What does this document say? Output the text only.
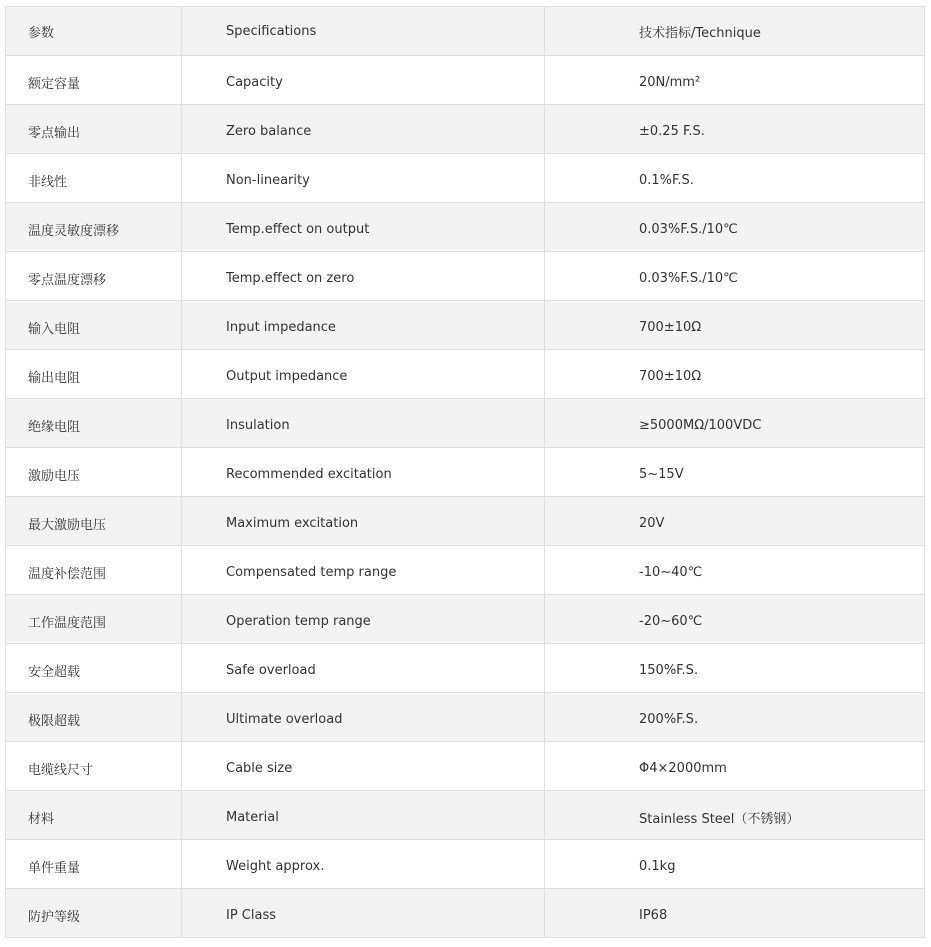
参数	Specifications	技术指标/Technique
额定容量	Capacity	20N/mm²
零点输出	Zero balance	±0.25 F.S.
非线性	Non-linearity	0.1%F.S.
温度灵敏度漂移	Temp.effect on output	0.03%F.S./10℃
零点温度漂移	Temp.effect on zero	0.03%F.S./10℃
输入电阻	Input impedance	700±10Ω
输出电阻	Output impedance	700±10Ω
绝缘电阻	Insulation	≥5000MΩ/100VDC
激励电压	Recommended excitation	5~15V
最大激励电压	Maximum excitation	20V
温度补偿范围	Compensated temp range	-10~40℃
工作温度范围	Operation temp range	-20~60℃
安全超载	Safe overload	150%F.S.
极限超载	Ultimate overload	200%F.S.
电缆线尺寸	Cable size	Φ4×2000mm
材料	Material	Stainless Steel（不锈钢）
单件重量	Weight approx.	0.1kg
防护等级	IP Class	IP68
